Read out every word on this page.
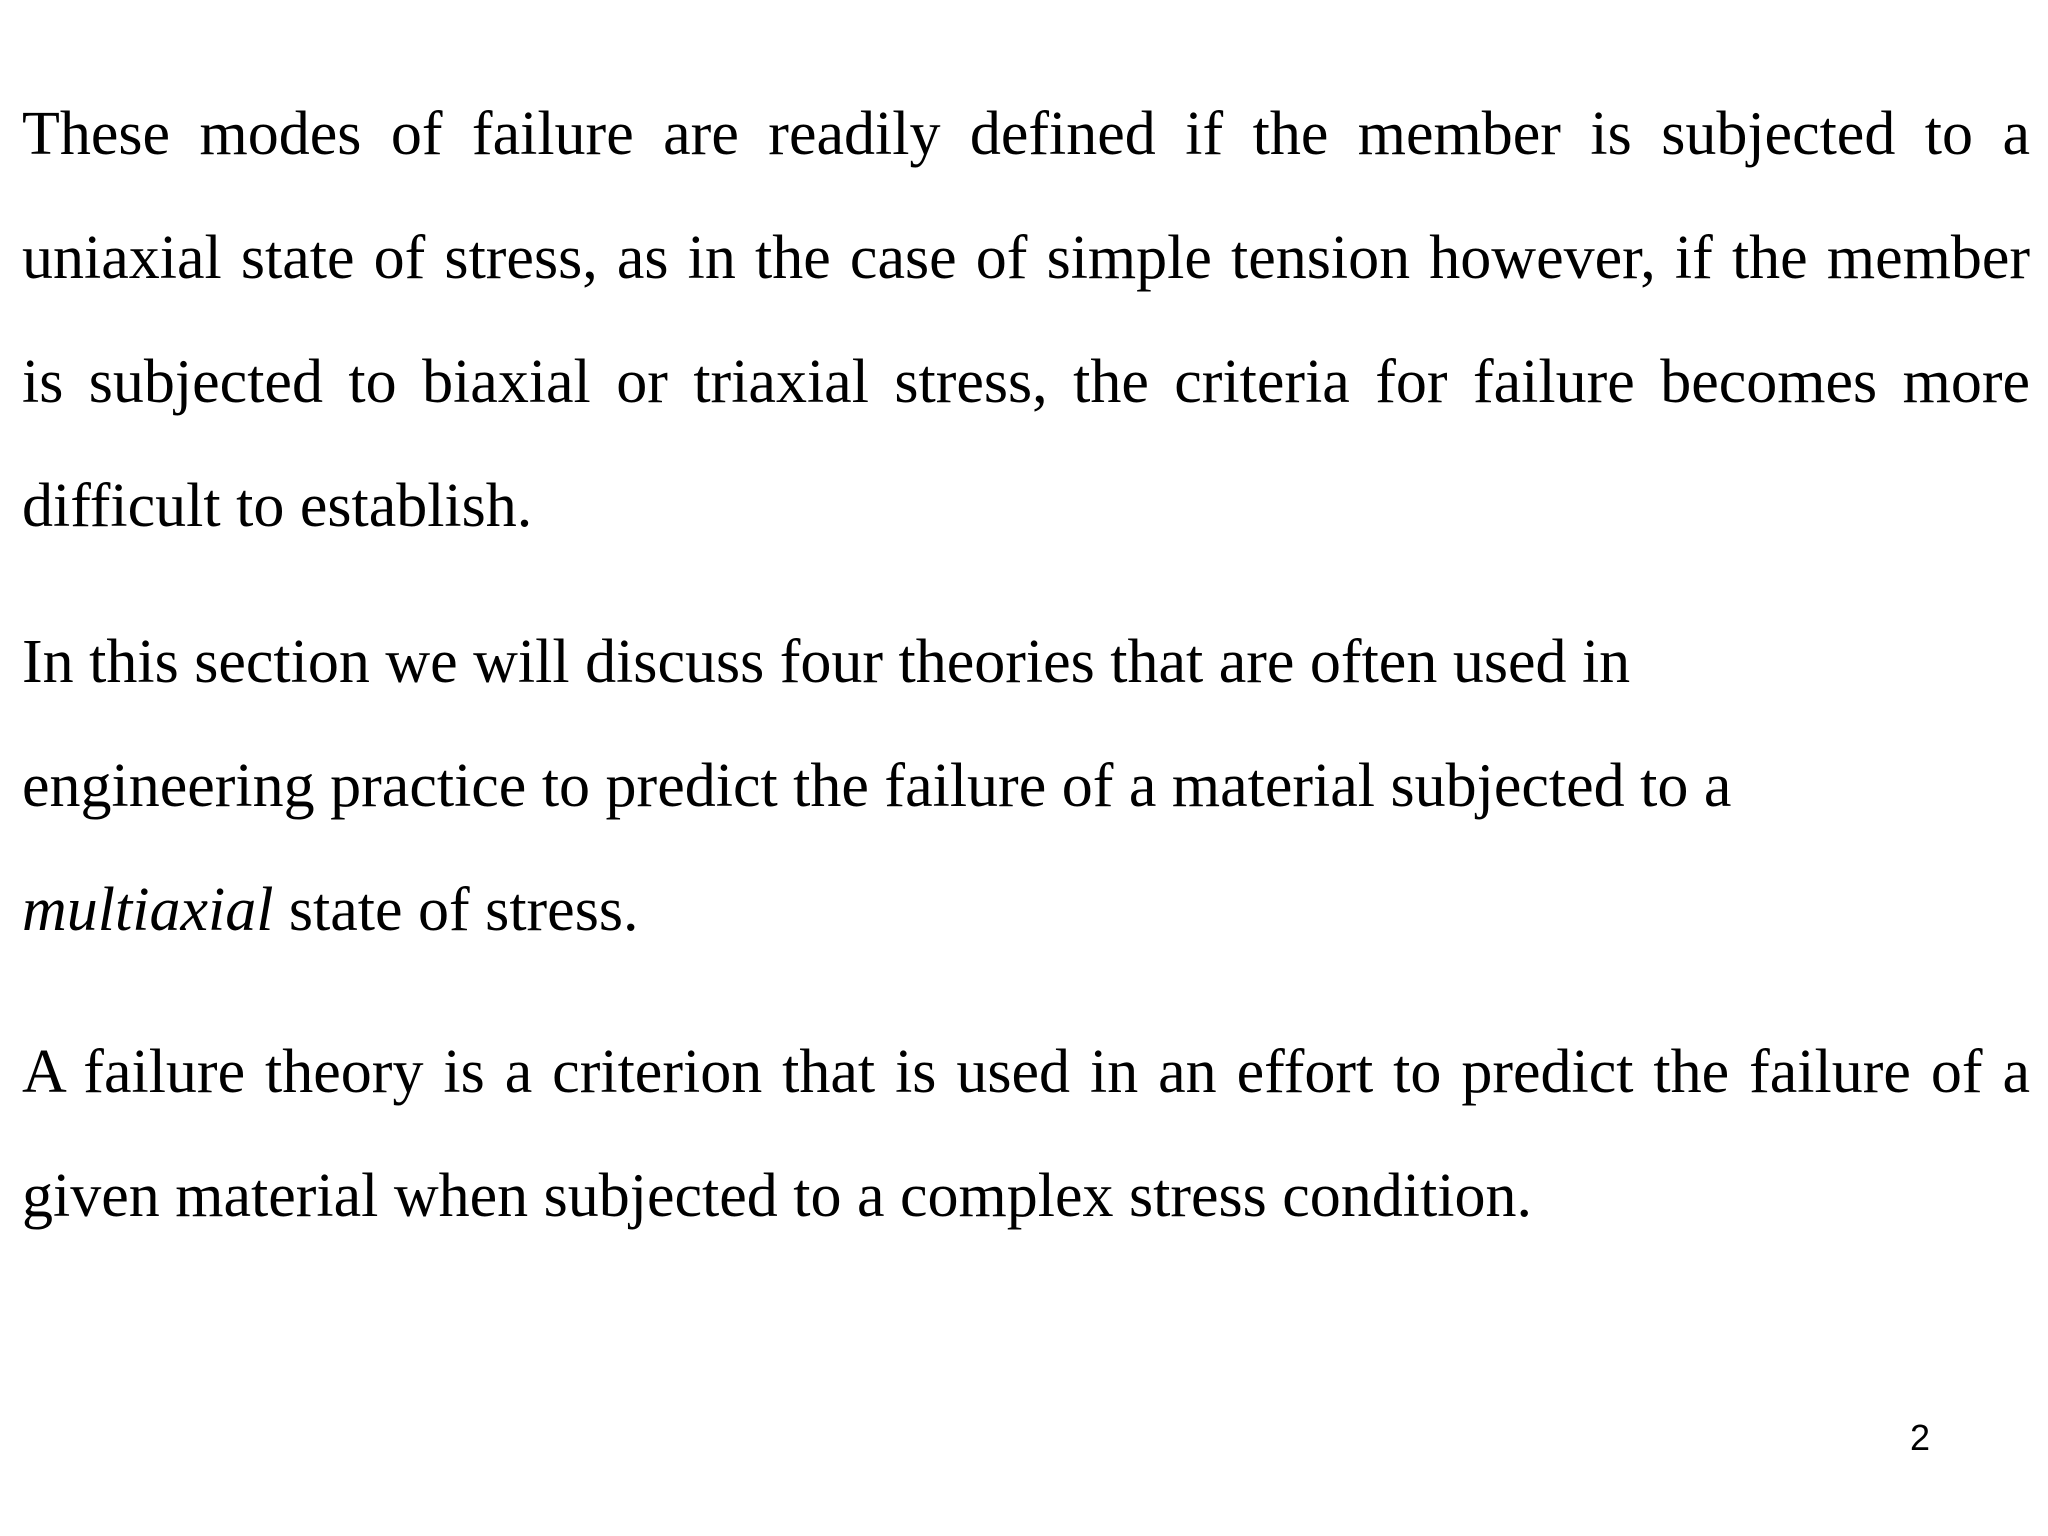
These modes of failure are readily defined if the member is subjected to a uniaxial state of stress, as in the case of simple tension however, if the member is subjected to biaxial or triaxial stress, the criteria for failure becomes more difficult to establish.

In this section we will discuss four theories that are often used in
engineering practice to predict the failure of a material subjected to a
multiaxial state of stress.

A failure theory is a criterion that is used in an effort to predict the failure of a given material when subjected to a complex stress condition.

2
